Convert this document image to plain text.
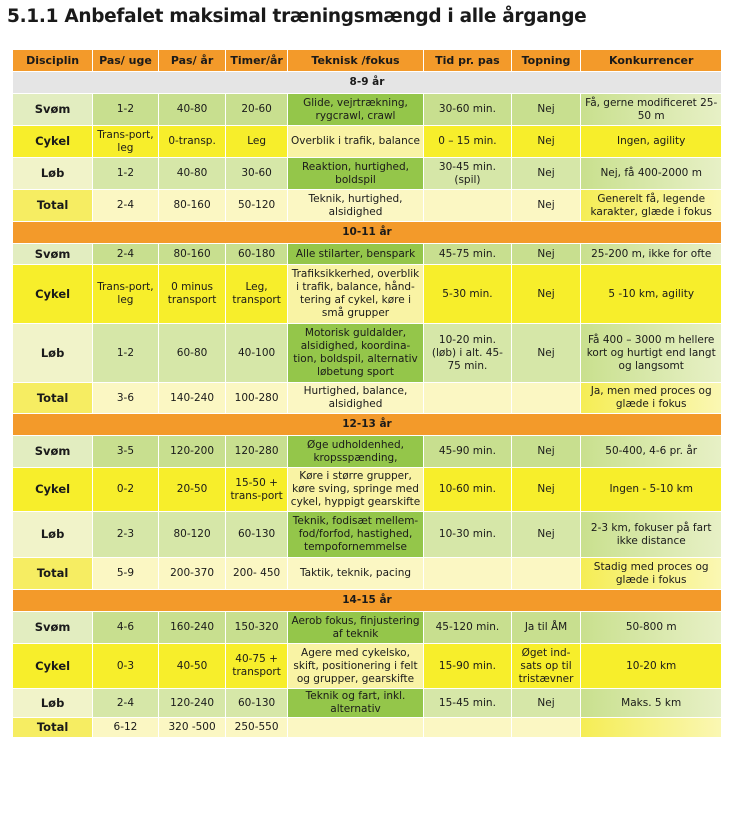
5.1.1 Anbefalet maksimal træningsmængd i alle årgange
Disciplin	Pas/ uge	Pas/ år	Timer/år	Teknisk /fokus	Tid pr. pas	Topning	Konkurrencer
8-9 år							
Svøm	1-2	40-80	20-60	Glide, vejrtrækning, rygcrawl, crawl	30-60 min.	Nej	Få, gerne modificeret 25-50 m
Cykel	Trans-port, leg	0-transp.	Leg	Overblik i trafik, balance	0 – 15 min.	Nej	Ingen, agility
Løb	1-2	40-80	30-60	Reaktion, hurtighed, boldspil	30-45 min. (spil)	Nej	Nej, få 400-2000 m
Total	2-4	80-160	50-120	Teknik, hurtighed, alsidighed		Nej	Generelt få, legende karakter, glæde i fokus
10-11 år							
Svøm	2-4	80-160	60-180	Alle stilarter, benspark	45-75 min.	Nej	25-200 m, ikke for ofte
Cykel	Trans-port, leg	0 minus transport	Leg, transport	Trafiksikkerhed, overblik i trafik, balance, hånd-tering af cykel, køre i små grupper	5-30 min.	Nej	5 -10 km, agility
Løb	1-2	60-80	40-100	Motorisk guldalder, alsidighed, koordina-tion, boldspil, alternativ løbetung sport	10-20 min. (løb) i alt. 45-75 min.	Nej	Få 400 – 3000 m hellere kort og hurtigt end langt og langsomt
Total	3-6	140-240	100-280	Hurtighed, balance, alsidighed			Ja, men med proces og glæde i fokus
12-13 år							
Svøm	3-5	120-200	120-280	Øge udholdenhed, kropsspænding,	45-90 min.	Nej	50-400, 4-6 pr. år
Cykel	0-2	20-50	15-50 + trans-port	Køre i større grupper, køre sving, springe med cykel, hyppigt gearskifte	10-60 min.	Nej	Ingen - 5-10 km
Løb	2-3	80-120	60-130	Teknik, fodisæt mellem-fod/forfod, hastighed, tempofornemmelse	10-30 min.	Nej	2-3 km, fokuser på fart ikke distance
Total	5-9	200-370	200- 450	Taktik, teknik, pacing			Stadig med proces og glæde i fokus
14-15 år							
Svøm	4-6	160-240	150-320	Aerob fokus, finjustering af teknik	45-120 min.	Ja til ÅM	50-800 m
Cykel	0-3	40-50	40-75 + transport	Agere med cykelsko, skift, positionering i felt og grupper, gearskifte	15-90 min.	Øget ind-sats op til tristævner	10-20 km
Løb	2-4	120-240	60-130	Teknik og fart, inkl. alternativ	15-45 min.	Nej	Maks. 5 km
Total	6-12	320 -500	250-550				
